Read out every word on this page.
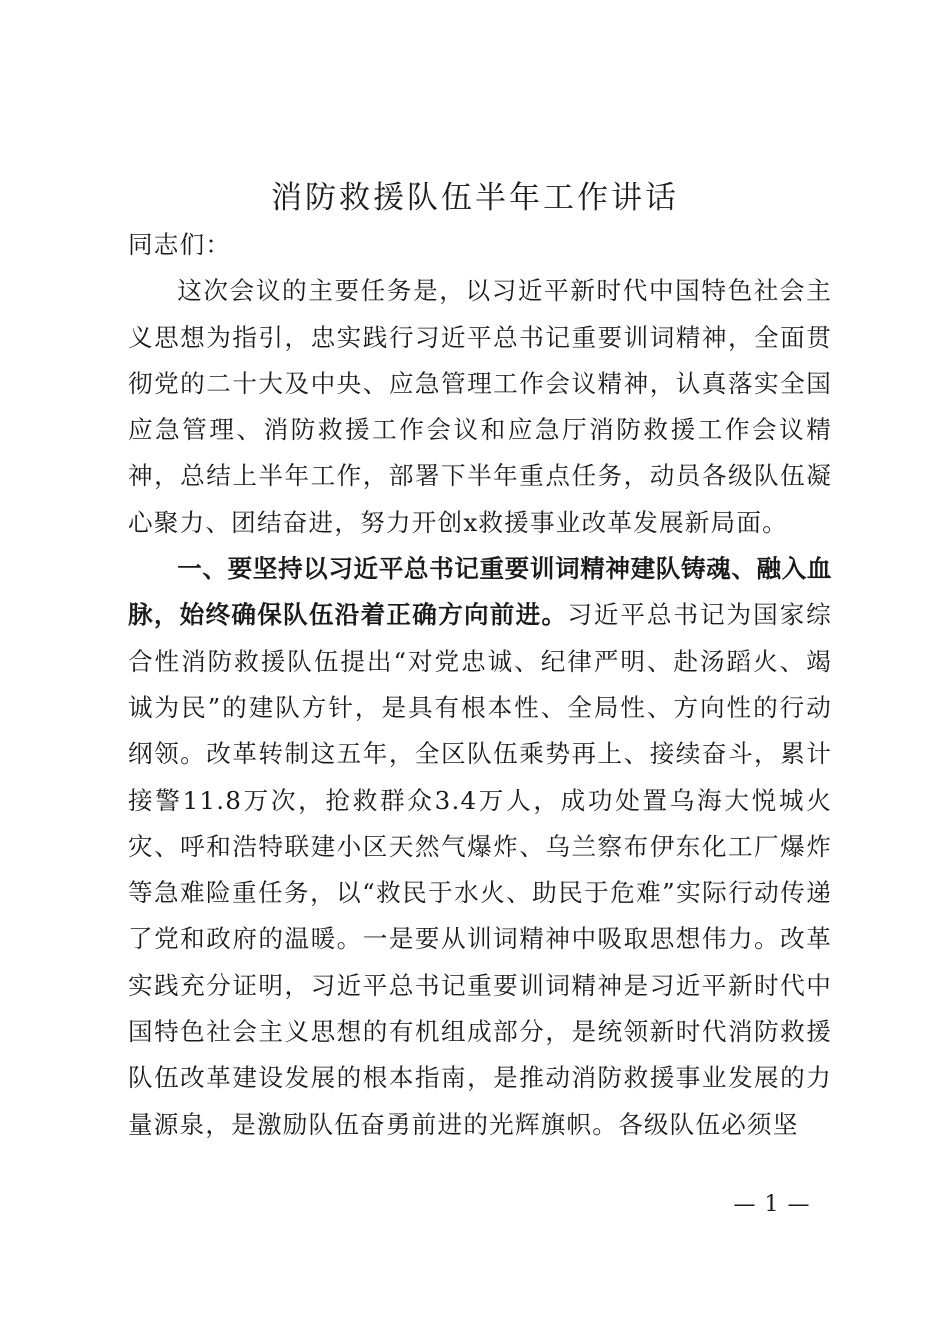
消防救援队伍半年工作讲话

同志们：

这次会议的主要任务是，以习近平新时代中国特色社会主义思想为指引，忠实践行习近平总书记重要训词精神，全面贯彻党的二十大及中央、应急管理工作会议精神，认真落实全国应急管理、消防救援工作会议和应急厅消防救援工作会议精神，总结上半年工作，部署下半年重点任务，动员各级队伍凝心聚力、团结奋进，努力开创x救援事业改革发展新局面。

一、要坚持以习近平总书记重要训词精神建队铸魂、融入血脉，始终确保队伍沿着正确方向前进。习近平总书记为国家综合性消防救援队伍提出“对党忠诚、纪律严明、赴汤蹈火、竭诚为民”的建队方针，是具有根本性、全局性、方向性的行动纲领。改革转制这五年，全区队伍乘势再上、接续奋斗，累计接警11.8万次，抢救群众3.4万人，成功处置乌海大悦城火灾、呼和浩特联建小区天然气爆炸、乌兰察布伊东化工厂爆炸等急难险重任务，以“救民于水火、助民于危难”实际行动传递了党和政府的温暖。一是要从训词精神中吸取思想伟力。改革实践充分证明，习近平总书记重要训词精神是习近平新时代中国特色社会主义思想的有机组成部分，是统领新时代消防救援队伍改革建设发展的根本指南，是推动消防救援事业发展的力量源泉，是激励队伍奋勇前进的光辉旗帜。各级队伍必须坚

— 1 —
